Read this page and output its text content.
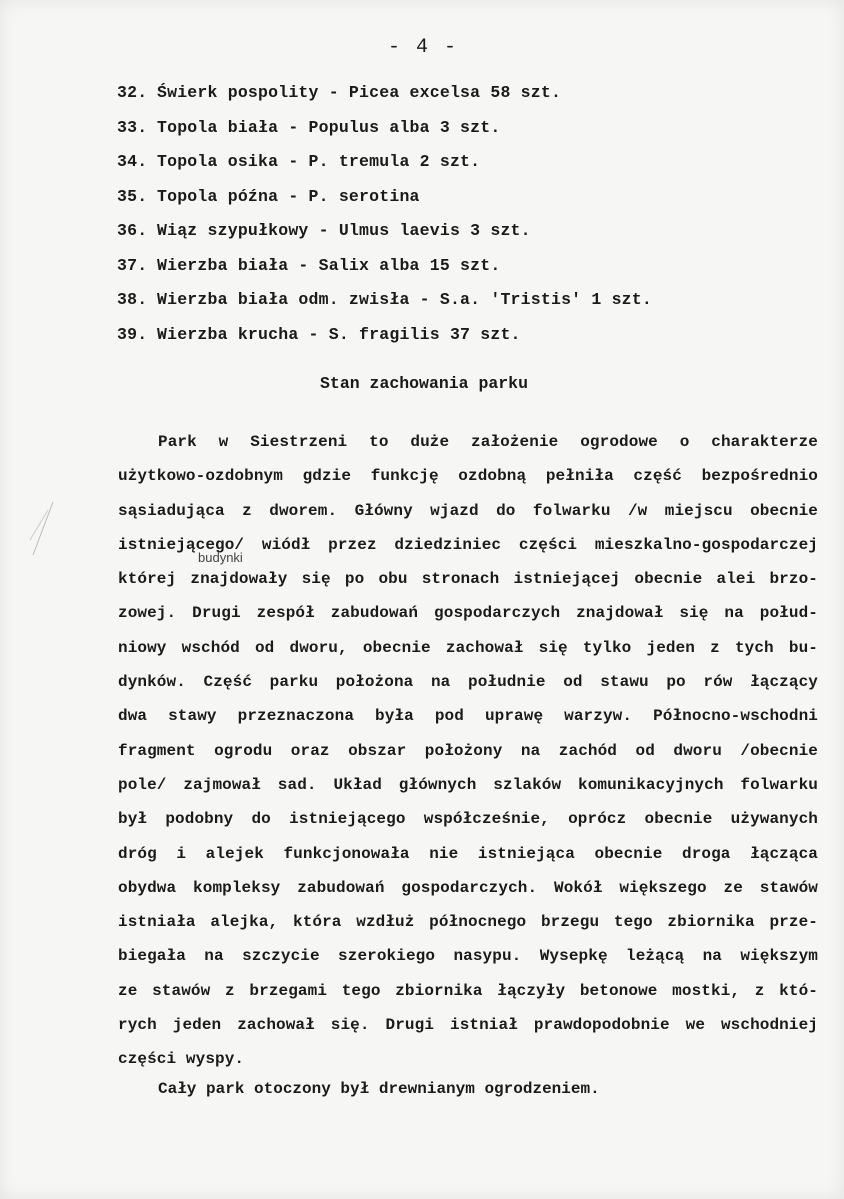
- 4 -
32. Świerk pospolity - Picea excelsa 58 szt.
33. Topola biała - Populus alba 3 szt.
34. Topola osika - P. tremula 2 szt.
35. Topola późna - P. serotina
36. Wiąz szypułkowy - Ulmus laevis 3 szt.
37. Wierzba biała - Salix alba 15 szt.
38. Wierzba biała odm. zwisła - S.a. 'Tristis' 1 szt.
39. Wierzba krucha - S. fragilis 37 szt.
Stan zachowania parku
budynki
Park w Siestrzeni to duże założenie ogrodowe o charakterze
użytkowo-ozdobnym gdzie funkcję ozdobną pełniła część bezpośrednio
sąsiadująca z dworem. Główny wjazd do folwarku /w miejscu obecnie
istniejącego/ wiódł przez dziedziniec części mieszkalno-gospodarczej
której znajdowały się po obu stronach istniejącej obecnie alei brzo-
zowej. Drugi zespół zabudowań gospodarczych znajdował się na połud-
niowy wschód od dworu, obecnie zachował się tylko jeden z tych bu-
dynków. Część parku położona na południe od stawu po rów łączący
dwa stawy przeznaczona była pod uprawę warzyw. Północno-wschodni
fragment ogrodu oraz obszar położony na zachód od dworu /obecnie
pole/ zajmował sad. Układ głównych szlaków komunikacyjnych folwarku
był podobny do istniejącego współcześnie, oprócz obecnie używanych
dróg i alejek funkcjonowała nie istniejąca obecnie droga łącząca
obydwa kompleksy zabudowań gospodarczych. Wokół większego ze stawów
istniała alejka, która wzdłuż północnego brzegu tego zbiornika prze-
biegała na szczycie szerokiego nasypu. Wysepkę leżącą na większym
ze stawów z brzegami tego zbiornika łączyły betonowe mostki, z któ-
rych jeden zachował się. Drugi istniał prawdopodobnie we wschodniej
części wyspy.
Cały park otoczony był drewnianym ogrodzeniem.
